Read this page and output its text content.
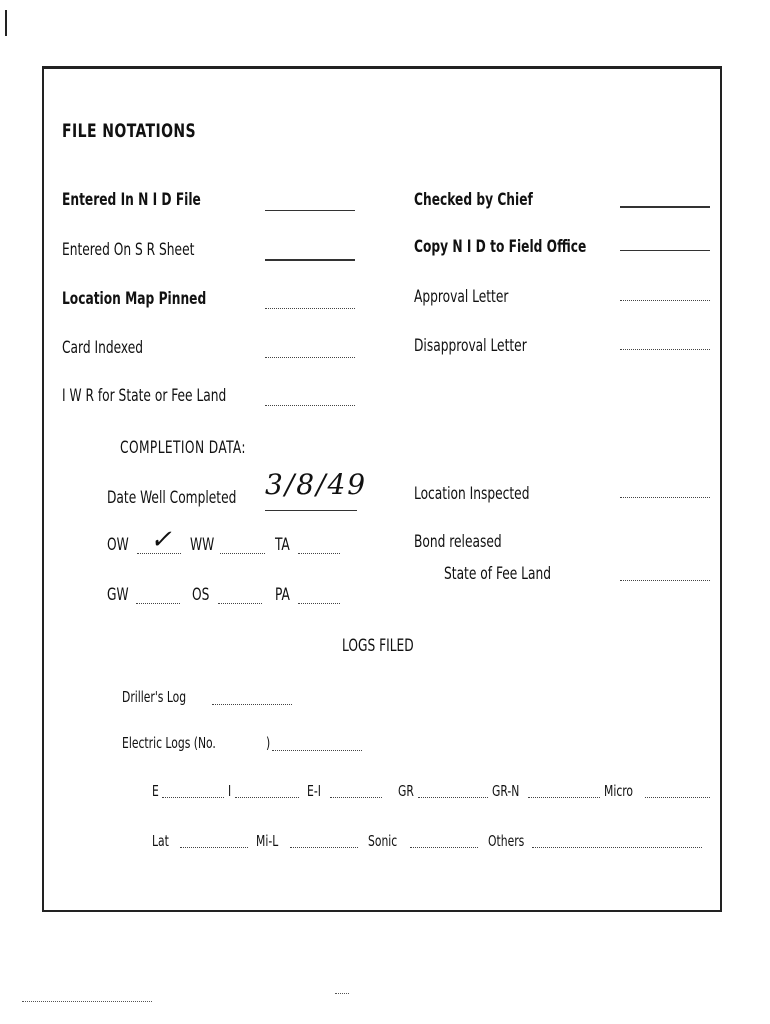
FILE NOTATIONS
Entered In N I D File
Entered On S R Sheet
Location Map Pinned
Card Indexed
I W R for State or Fee Land
Checked by Chief
Copy N I D to Field Office
Approval Letter
Disapproval Letter
COMPLETION DATA:
Date Well Completed 3/8/49	Location Inspected
OW ✓ WW	TA	Bond released
State of Fee Land
GW	OS	PA
LOGS FILED
Driller's Log
Electric Logs (No.	)
E	I	E-I	GR	GR-N	Micro
Lat	Mi-L	Sonic	Others
